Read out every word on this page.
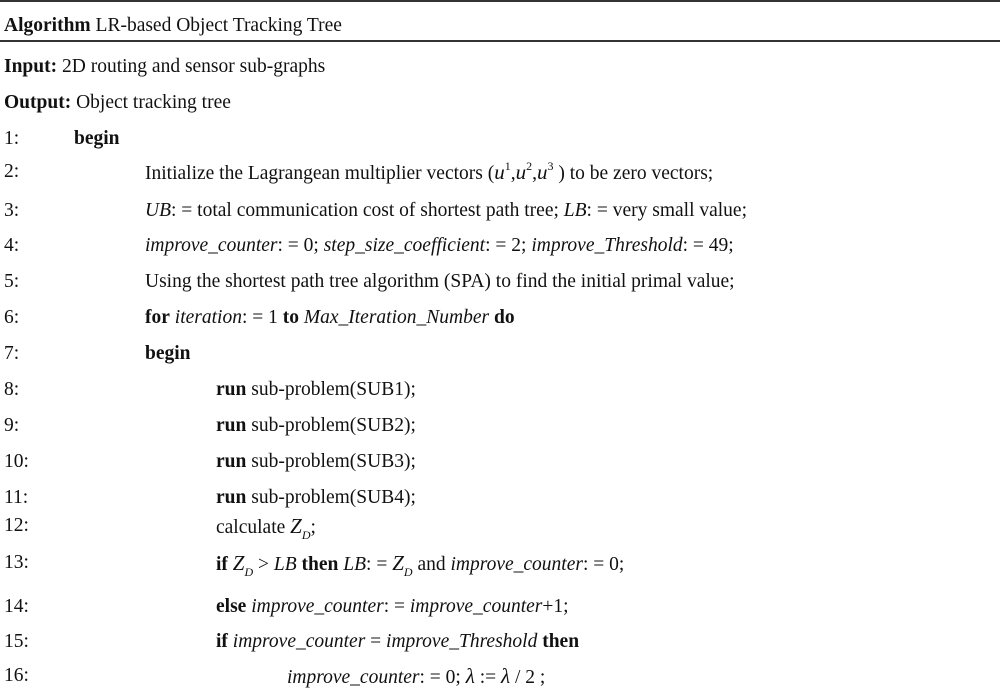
Algorithm LR-based Object Tracking Tree
Input: 2D routing and sensor sub-graphs
Output: Object tracking tree
1:	begin
2:	Initialize the Lagrangean multiplier vectors ($u^1,u^2,u^3$ ) to be zero vectors;
3:	UB: = total communication cost of shortest path tree; LB: = very small value;
4:	improve_counter: = 0; step_size_coefficient: = 2; improve_Threshold: = 49;
5:	Using the shortest path tree algorithm (SPA) to find the initial primal value;
6:	for iteration: = 1 to Max_Iteration_Number do
7:	begin
8:	run sub-problem(SUB1);
9:	run sub-problem(SUB2);
10:	run sub-problem(SUB3);
11:	run sub-problem(SUB4);
12:	calculate $Z_D$;
13:	if $Z_D$ > LB then LB: = $Z_D$ and improve_counter: = 0;
14:	else improve_counter: = improve_counter+1;
15:	if improve_counter = improve_Threshold then
16:	improve_counter: = 0; λ := λ / 2 ;
